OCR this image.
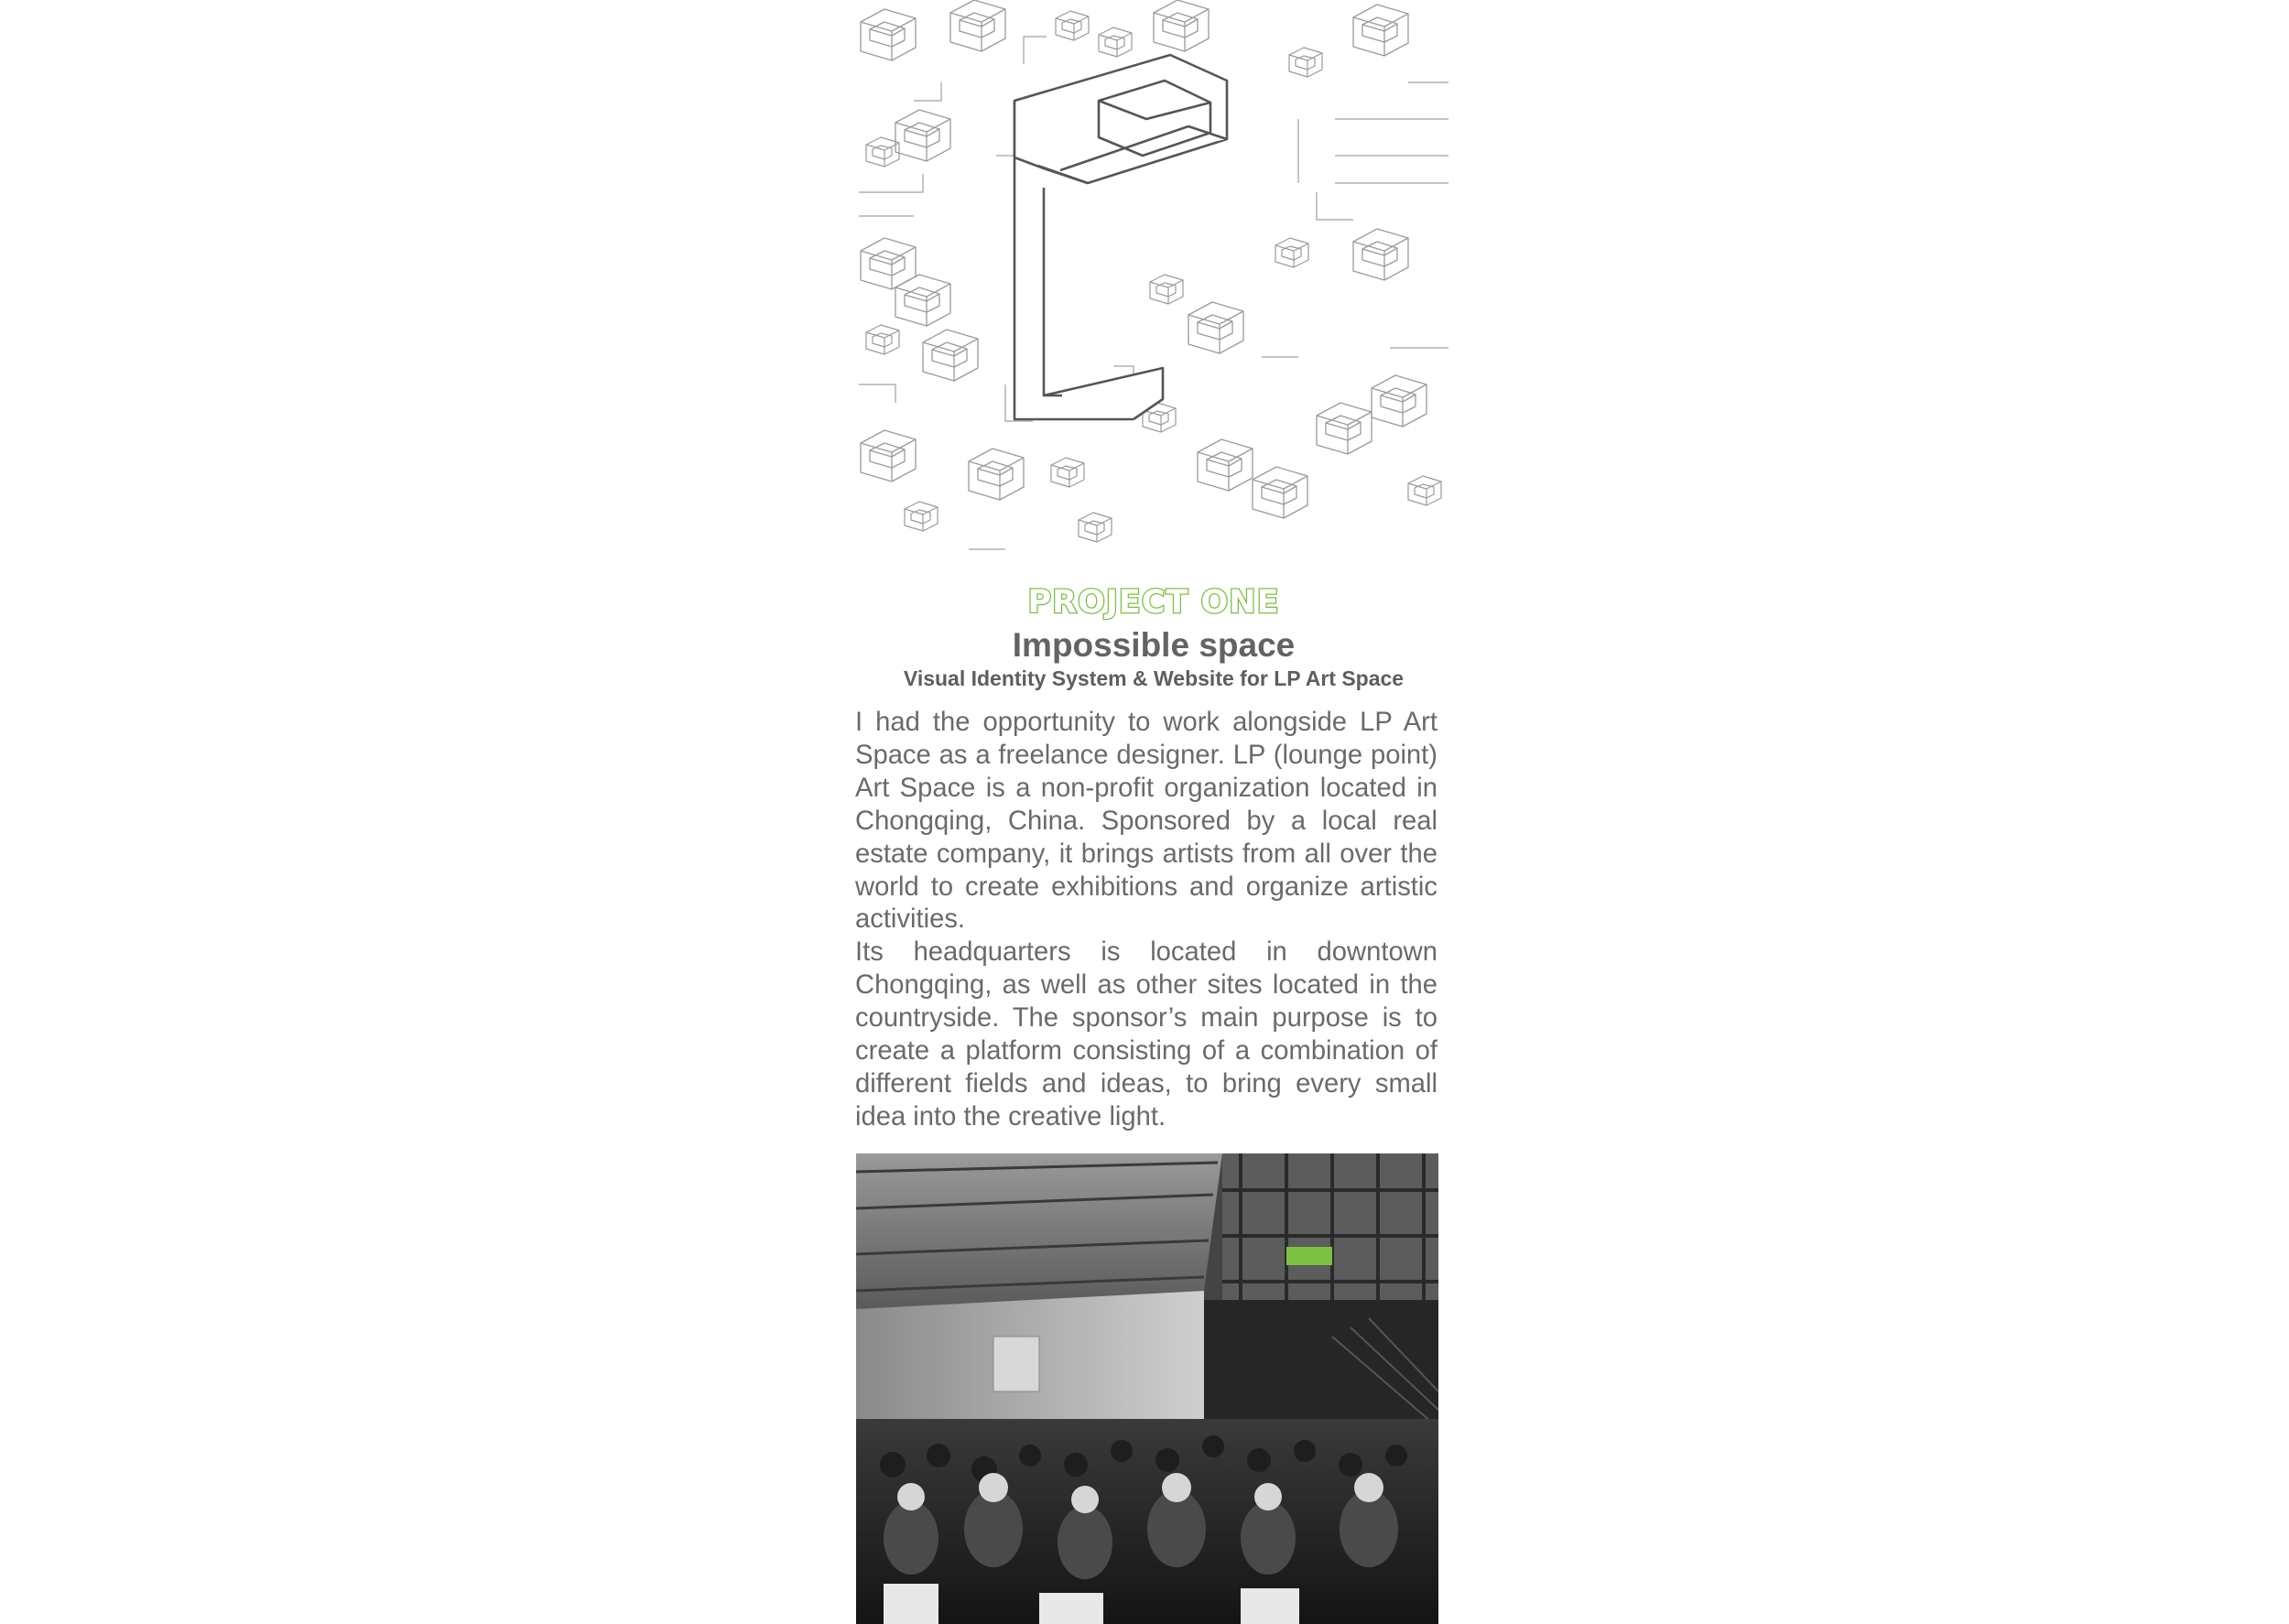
PROJECT ONE
Impossible space
Visual Identity System & Website for LP Art Space

I had the opportunity to work alongside LP Art Space as a freelance designer. LP (lounge point) Art Space is a non-profit organization located in Chongqing, China. Sponsored by a local real estate company, it brings artists from all over the world to create exhibitions and organize artistic activities.

Its headquarters is located in downtown Chongqing, as well as other sites located in the countryside. The sponsor’s main purpose is to create a platform consisting of a combination of different fields and ideas, to bring every small idea into the creative light.
